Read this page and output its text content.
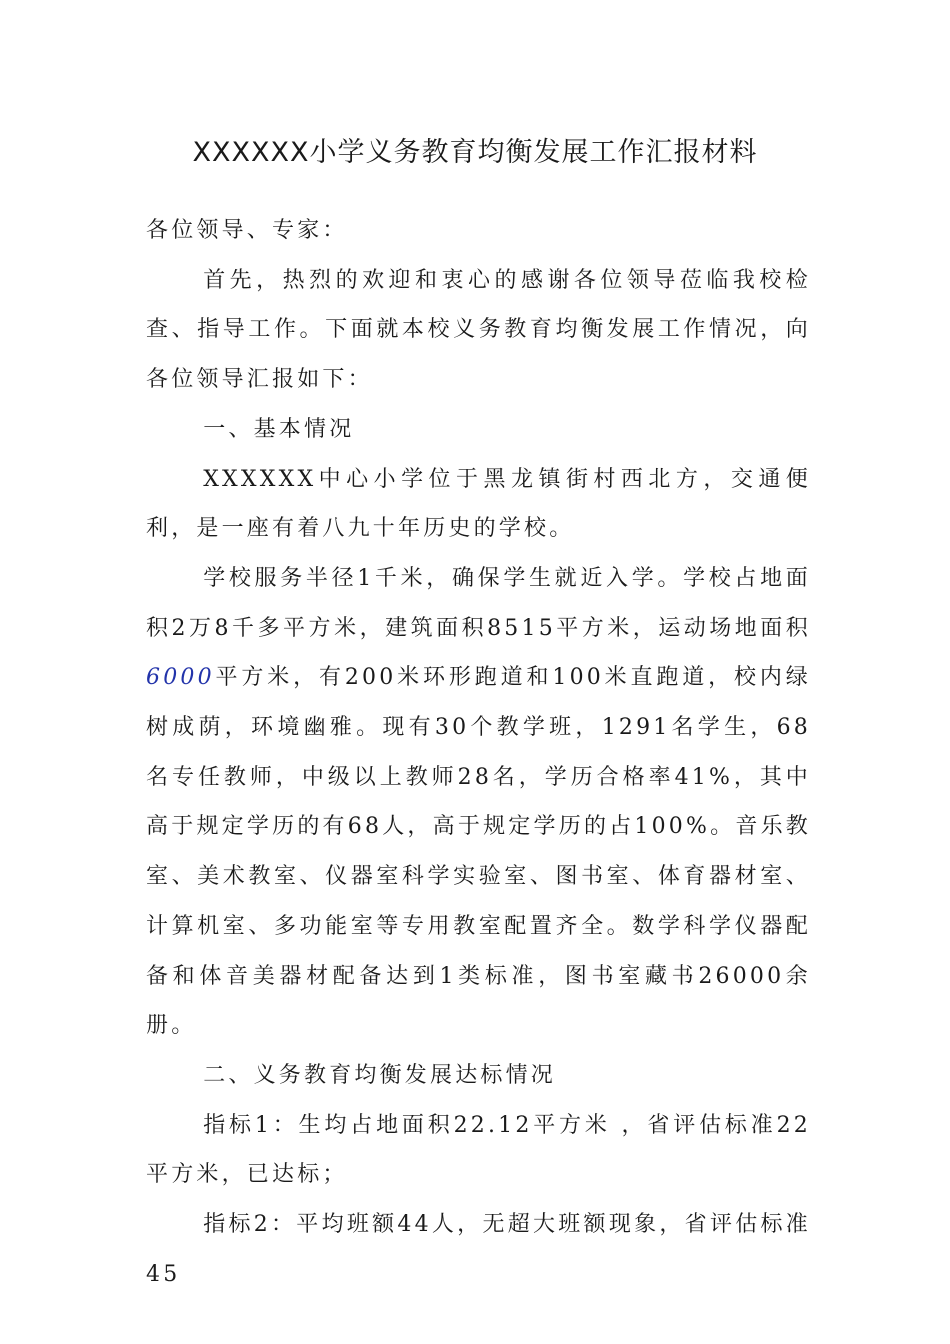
XXXXXX小学义务教育均衡发展工作汇报材料

各位领导、专家：

首先，热烈的欢迎和衷心的感谢各位领导莅临我校检查、指导工作。下面就本校义务教育均衡发展工作情况，向各位领导汇报如下：

一、基本情况

XXXXXX中心小学位于黑龙镇街村西北方，交通便利，是一座有着八九十年历史的学校。

学校服务半径1千米，确保学生就近入学。学校占地面积2万8千多平方米，建筑面积8515平方米，运动场地面积6000平方米，有200米环形跑道和100米直跑道，校内绿树成荫，环境幽雅。现有30个教学班，1291名学生，68名专任教师，中级以上教师28名，学历合格率41%，其中高于规定学历的有68人，高于规定学历的占100%。音乐教室、美术教室、仪器室科学实验室、图书室、体育器材室、计算机室、多功能室等专用教室配置齐全。数学科学仪器配备和体音美器材配备达到1类标准，图书室藏书26000余册。

二、义务教育均衡发展达标情况

指标1：生均占地面积22.12平方米 ，省评估标准22平方米，已达标；

指标2：平均班额44人，无超大班额现象，省评估标准45
